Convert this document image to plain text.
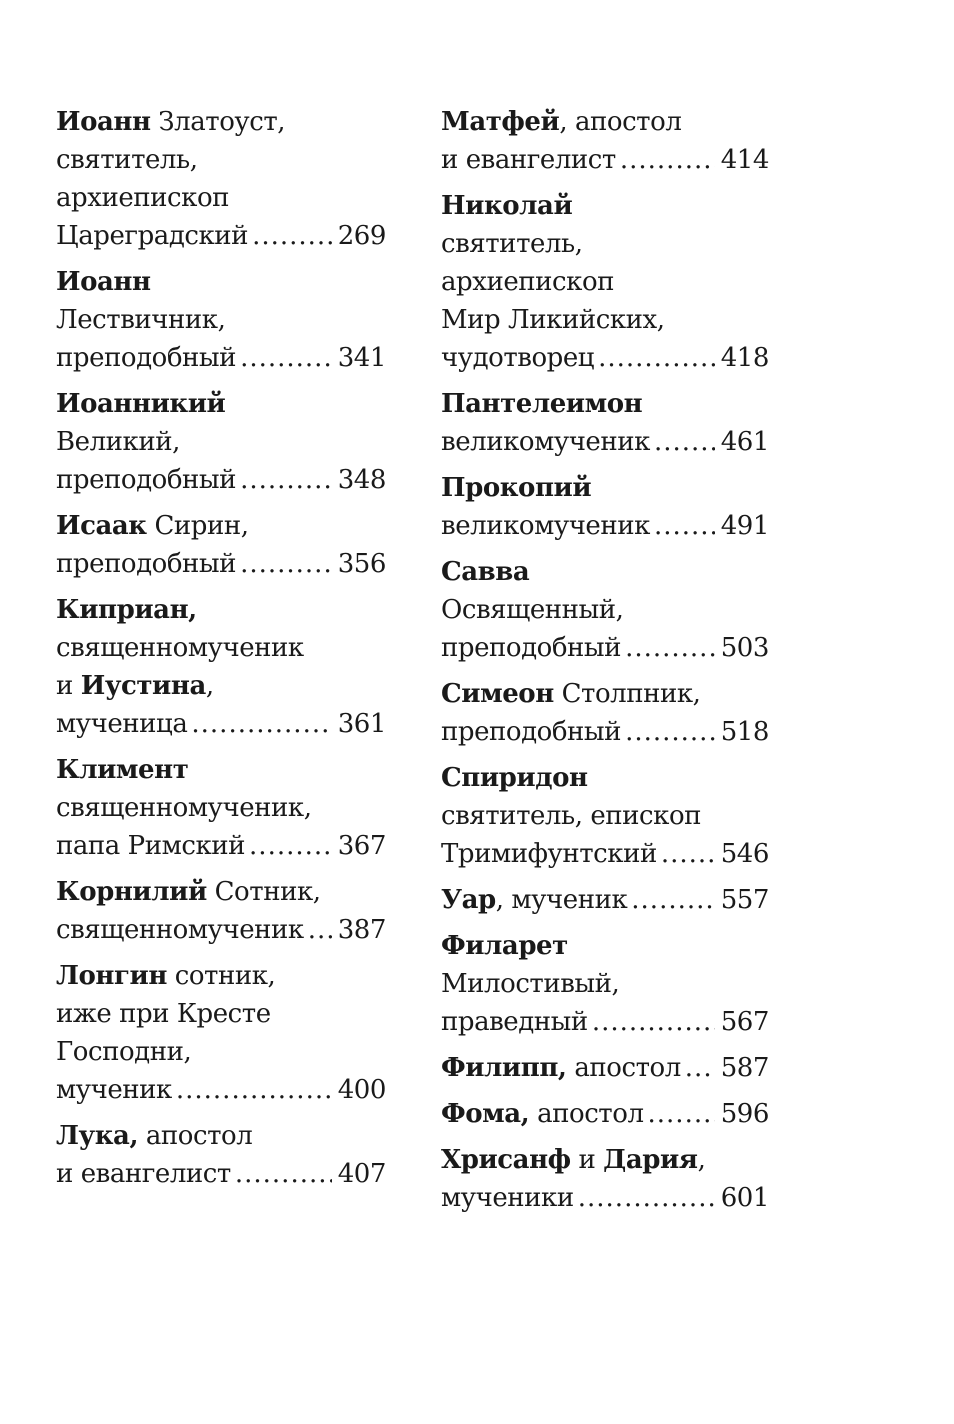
Иоанн Златоуст,
святитель,
архиепископ
Цареградский .....	269
Иоанн
Лествичник,
преподобный .....	341
Иоанникий
Великий,
преподобный .....	348
Исаак Сирин,
преподобный .....	356
Киприан,
священномученик
и Иустина,
мученица .....	361
Климент
священномученик,
папа Римский .....	367
Корнилий Сотник,
священномученик ..... 387
Лонгин сотник,
иже при Кресте
Господни,
мученик .....	400
Лука, апостол
и евангелист .....	407
Матфей, апостол
и евангелист .....	414
Николай
святитель,
архиепископ
Мир Ликийских,
чудотворец .....	418
Пантелеимон
великомученик .....	461
Прокопий
великомученик .....	491
Савва
Освященный,
преподобный .....	503
Симеон Столпник,
преподобный .....	518
Спиридон
святитель, епископ
Тримифунтский ..... 546
Уар, мученик .....	557
Филарет
Милостивый,
праведный .....	567
Филипп, апостол ..... 587
Фома, апостол .....	596
Хрисанф и Дария,
мученики .....	601
